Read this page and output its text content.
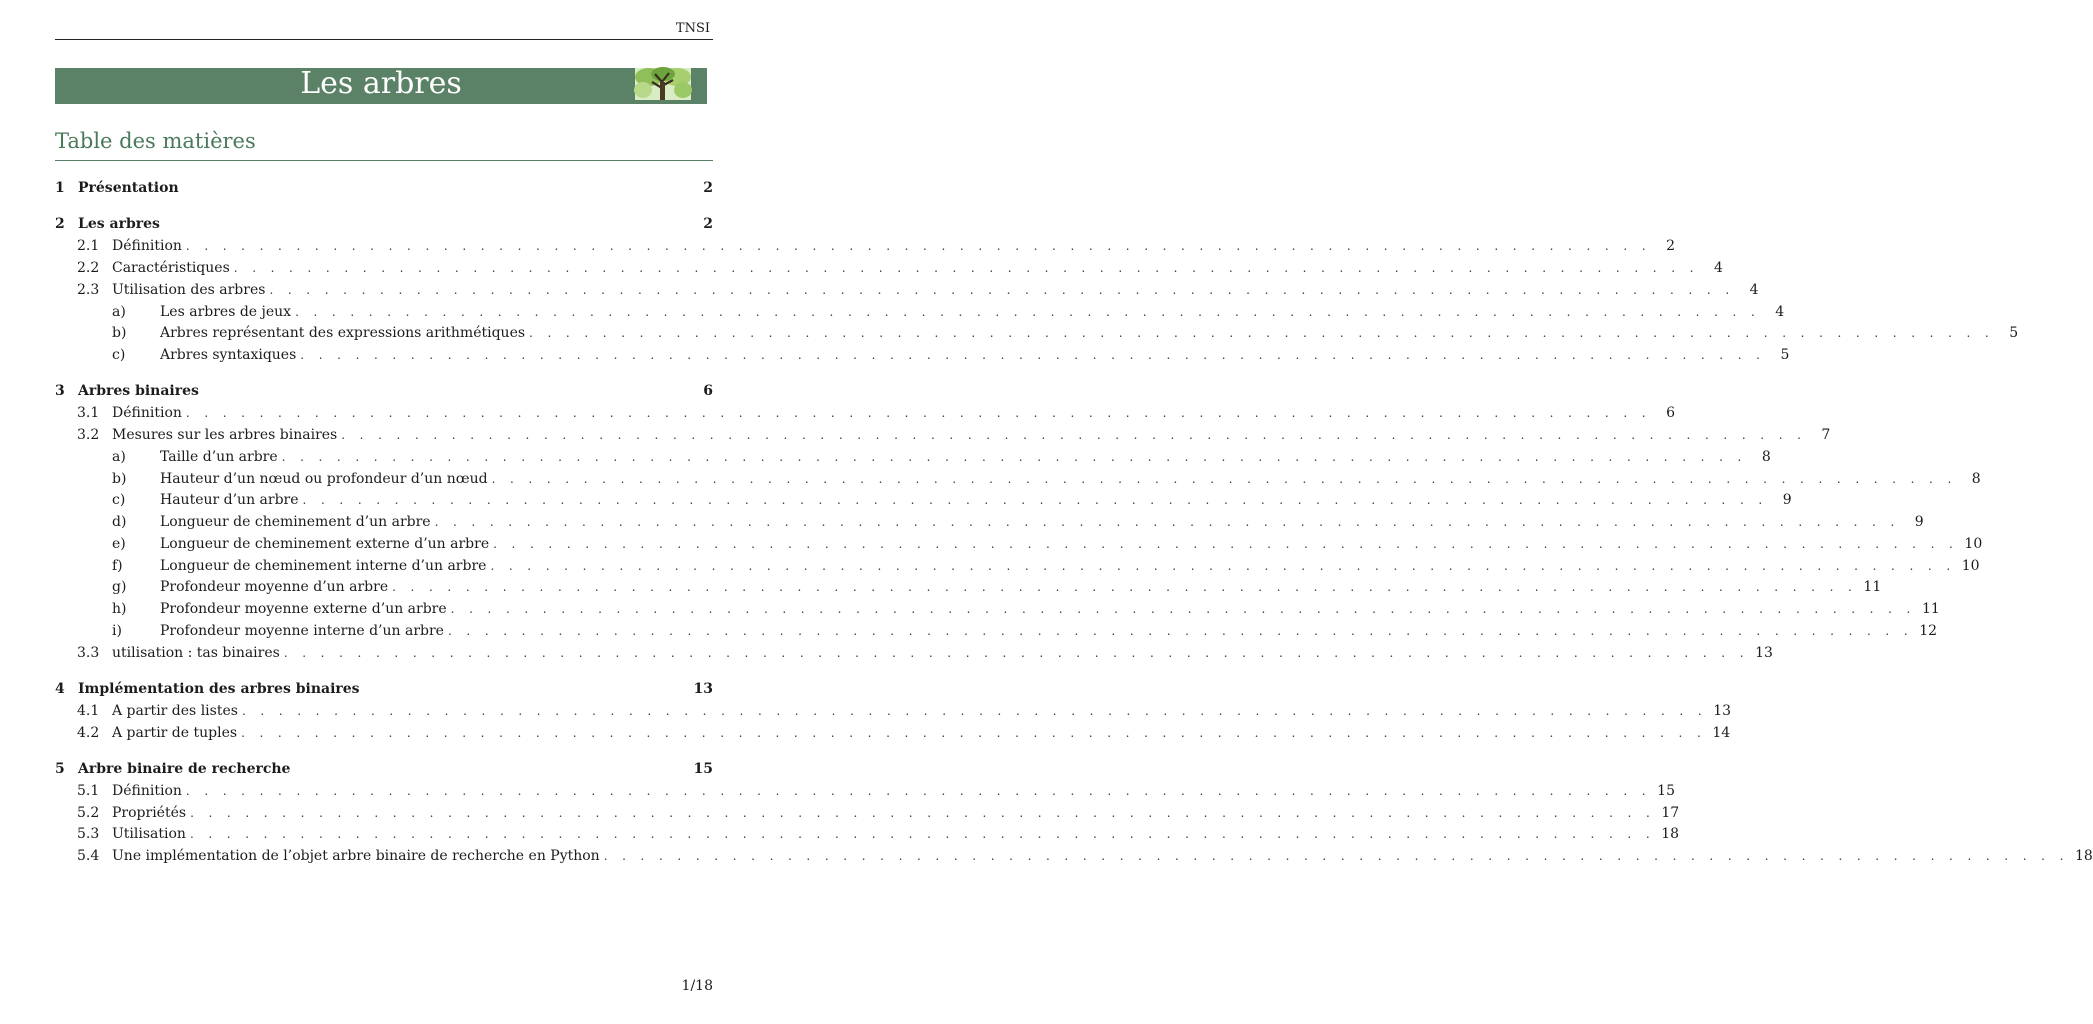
TNSI
Les arbres
Table des matières
1 Présentation	2
2 Les arbres	2
2.1 Définition . . . . . . . . . . . . . . . . . . . . . . . . . . . . . . . . . . . . . . . . . . . . . . . . . . . . . . . . . . . . . . . . . . . . . . . . . . . . . . . .	2
2.2 Caractéristiques . . . . . . . . . . . . . . . . . . . . . . . . . . . . . . . . . . . . . . . . . . . . . . . . . . . . . . . . . . . . . . . . . . . . . . . . . . . . . . . .	4
2.3 Utilisation des arbres . . . . . . . . . . . . . . . . . . . . . . . . . . . . . . . . . . . . . . . . . . . . . . . . . . . . . . . . . . . . . . . . . . . . . . . . . . . . . . . .	4
a)	Les arbres de jeux . . . . . . . . . . . . . . . . . . . . . . . . . . . . . . . . . . . . . . . . . . . . . . . . . . . . . . . . . . . . . . . . . . . . . . . . . . . . . . . .	4
b)	Arbres représentant des expressions arithmétiques . . . . . . . . . . . . . . . . . . . . . . . . . . . . . . . . . . . . . . . . . . . . . . . . . . . . . . . . . . . . . . . . . . . . . . . . . . . . . . . .	5
c)	Arbres syntaxiques . . . . . . . . . . . . . . . . . . . . . . . . . . . . . . . . . . . . . . . . . . . . . . . . . . . . . . . . . . . . . . . . . . . . . . . . . . . . . . . .	5
3 Arbres binaires	6
3.1 Définition . . . . . . . . . . . . . . . . . . . . . . . . . . . . . . . . . . . . . . . . . . . . . . . . . . . . . . . . . . . . . . . . . . . . . . . . . . . . . . . .	6
3.2 Mesures sur les arbres binaires . . . . . . . . . . . . . . . . . . . . . . . . . . . . . . . . . . . . . . . . . . . . . . . . . . . . . . . . . . . . . . . . . . . . . . . . . . . . . . . .	7
a)	Taille d’un arbre . . . . . . . . . . . . . . . . . . . . . . . . . . . . . . . . . . . . . . . . . . . . . . . . . . . . . . . . . . . . . . . . . . . . . . . . . . . . . . . .	8
b)	Hauteur d’un nœud ou profondeur d’un nœud . . . . . . . . . . . . . . . . . . . . . . . . . . . . . . . . . . . . . . . . . . . . . . . . . . . . . . . . . . . . . . . . . . . . . . . . . . . . . . . .	8
c)	Hauteur d’un arbre . . . . . . . . . . . . . . . . . . . . . . . . . . . . . . . . . . . . . . . . . . . . . . . . . . . . . . . . . . . . . . . . . . . . . . . . . . . . . . . .	9
d)	Longueur de cheminement d’un arbre . . . . . . . . . . . . . . . . . . . . . . . . . . . . . . . . . . . . . . . . . . . . . . . . . . . . . . . . . . . . . . . . . . . . . . . . . . . . . . . .	9
e)	Longueur de cheminement externe d’un arbre . . . . . . . . . . . . . . . . . . . . . . . . . . . . . . . . . . . . . . . . . . . . . . . . . . . . . . . . . . . . . . . . . . . . . . . . . . . . . . . . 10
f)	Longueur de cheminement interne d’un arbre . . . . . . . . . . . . . . . . . . . . . . . . . . . . . . . . . . . . . . . . . . . . . . . . . . . . . . . . . . . . . . . . . . . . . . . . . . . . . . . . 10
g)	Profondeur moyenne d’un arbre . . . . . . . . . . . . . . . . . . . . . . . . . . . . . . . . . . . . . . . . . . . . . . . . . . . . . . . . . . . . . . . . . . . . . . . . . . . . . . . . 11
h)	Profondeur moyenne externe d’un arbre . . . . . . . . . . . . . . . . . . . . . . . . . . . . . . . . . . . . . . . . . . . . . . . . . . . . . . . . . . . . . . . . . . . . . . . . . . . . . . . . 11
i)	Profondeur moyenne interne d’un arbre . . . . . . . . . . . . . . . . . . . . . . . . . . . . . . . . . . . . . . . . . . . . . . . . . . . . . . . . . . . . . . . . . . . . . . . . . . . . . . . . 12
3.3 utilisation : tas binaires . . . . . . . . . . . . . . . . . . . . . . . . . . . . . . . . . . . . . . . . . . . . . . . . . . . . . . . . . . . . . . . . . . . . . . . . . . . . . . . . 13
4 Implémentation des arbres binaires	13
4.1 A partir des listes . . . . . . . . . . . . . . . . . . . . . . . . . . . . . . . . . . . . . . . . . . . . . . . . . . . . . . . . . . . . . . . . . . . . . . . . . . . . . . . . 13
4.2 A partir de tuples . . . . . . . . . . . . . . . . . . . . . . . . . . . . . . . . . . . . . . . . . . . . . . . . . . . . . . . . . . . . . . . . . . . . . . . . . . . . . . . . 14
5 Arbre binaire de recherche	15
5.1 Définition . . . . . . . . . . . . . . . . . . . . . . . . . . . . . . . . . . . . . . . . . . . . . . . . . . . . . . . . . . . . . . . . . . . . . . . . . . . . . . . . 15
5.2 Propriétés . . . . . . . . . . . . . . . . . . . . . . . . . . . . . . . . . . . . . . . . . . . . . . . . . . . . . . . . . . . . . . . . . . . . . . . . . . . . . . . . 17
5.3 Utilisation . . . . . . . . . . . . . . . . . . . . . . . . . . . . . . . . . . . . . . . . . . . . . . . . . . . . . . . . . . . . . . . . . . . . . . . . . . . . . . . . 18
5.4 Une implémentation de l’objet arbre binaire de recherche en Python . . . . . . . . . . . . . . . . . . . . . . . . . . . . . . . . . . . . . . . . . . . . . . . . . . . . . . . . . . . . . . . . . . . . . . . . . . . . . . . . 18
1/18
